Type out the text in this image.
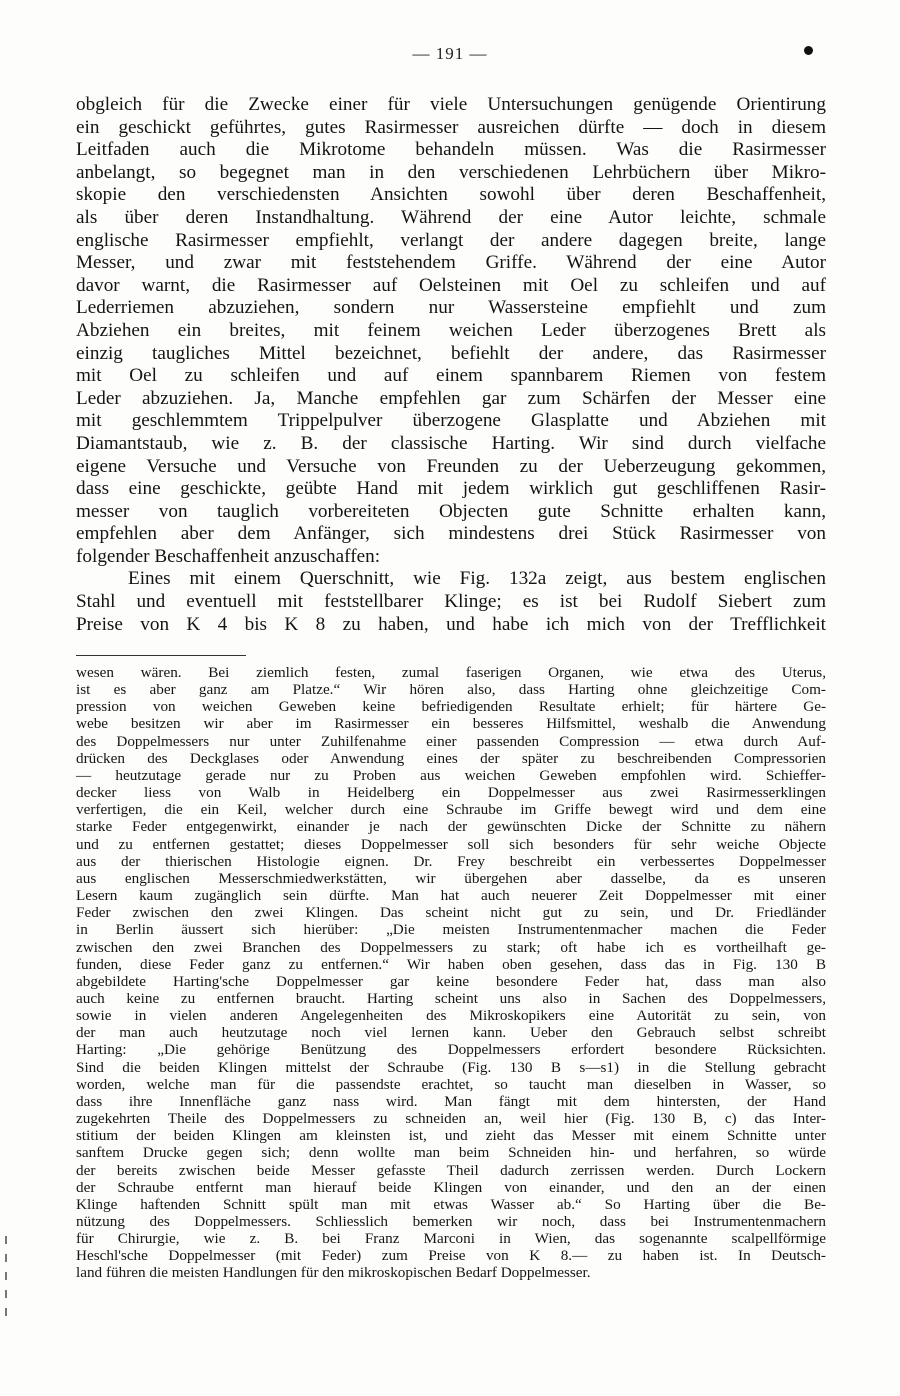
— 191 —
obgleich für die Zwecke einer für viele Untersuchungen genügende Orientirung
ein geschickt geführtes, gutes Rasirmesser ausreichen dürfte — doch in diesem
Leitfaden auch die Mikrotome behandeln müssen. Was die Rasirmesser
anbelangt, so begegnet man in den verschiedenen Lehrbüchern über Mikro-
skopie den verschiedensten Ansichten sowohl über deren Beschaffenheit,
als über deren Instandhaltung. Während der eine Autor leichte, schmale
englische Rasirmesser empfiehlt, verlangt der andere dagegen breite, lange
Messer, und zwar mit feststehendem Griffe. Während der eine Autor
davor warnt, die Rasirmesser auf Oelsteinen mit Oel zu schleifen und auf
Lederriemen abzuziehen, sondern nur Wassersteine empfiehlt und zum
Abziehen ein breites, mit feinem weichen Leder überzogenes Brett als
einzig taugliches Mittel bezeichnet, befiehlt der andere, das Rasirmesser
mit Oel zu schleifen und auf einem spannbarem Riemen von festem
Leder abzuziehen. Ja, Manche empfehlen gar zum Schärfen der Messer eine
mit geschlemmtem Trippelpulver überzogene Glasplatte und Abziehen mit
Diamantstaub, wie z. B. der classische Harting. Wir sind durch vielfache
eigene Versuche und Versuche von Freunden zu der Ueberzeugung gekommen,
dass eine geschickte, geübte Hand mit jedem wirklich gut geschliffenen Rasir-
messer von tauglich vorbereiteten Objecten gute Schnitte erhalten kann,
empfehlen aber dem Anfänger, sich mindestens drei Stück Rasirmesser von
folgender Beschaffenheit anzuschaffen:
Eines mit einem Querschnitt, wie Fig. 132a zeigt, aus bestem englischen
Stahl und eventuell mit feststellbarer Klinge; es ist bei Rudolf Siebert zum
Preise von K 4 bis K 8 zu haben, und habe ich mich von der Trefflichkeit
wesen wären. Bei ziemlich festen, zumal faserigen Organen, wie etwa des Uterus,
ist es aber ganz am Platze.“ Wir hören also, dass Harting ohne gleichzeitige Com-
pression von weichen Geweben keine befriedigenden Resultate erhielt; für härtere Ge-
webe besitzen wir aber im Rasirmesser ein besseres Hilfsmittel, weshalb die Anwendung
des Doppelmessers nur unter Zuhilfenahme einer passenden Compression — etwa durch Auf-
drücken des Deckglases oder Anwendung eines der später zu beschreibenden Compressorien
— heutzutage gerade nur zu Proben aus weichen Geweben empfohlen wird. Schieffer-
decker liess von Walb in Heidelberg ein Doppelmesser aus zwei Rasirmesserklingen
verfertigen, die ein Keil, welcher durch eine Schraube im Griffe bewegt wird und dem eine
starke Feder entgegenwirkt, einander je nach der gewünschten Dicke der Schnitte zu nähern
und zu entfernen gestattet; dieses Doppelmesser soll sich besonders für sehr weiche Objecte
aus der thierischen Histologie eignen. Dr. Frey beschreibt ein verbessertes Doppelmesser
aus englischen Messerschmiedwerkstätten, wir übergehen aber dasselbe, da es unseren
Lesern kaum zugänglich sein dürfte. Man hat auch neuerer Zeit Doppelmesser mit einer
Feder zwischen den zwei Klingen. Das scheint nicht gut zu sein, und Dr. Friedländer
in Berlin äussert sich hierüber: „Die meisten Instrumentenmacher machen die Feder
zwischen den zwei Branchen des Doppelmessers zu stark; oft habe ich es vortheilhaft ge-
funden, diese Feder ganz zu entfernen.“ Wir haben oben gesehen, dass das in Fig. 130 B
abgebildete Harting'sche Doppelmesser gar keine besondere Feder hat, dass man also
auch keine zu entfernen braucht. Harting scheint uns also in Sachen des Doppelmessers,
sowie in vielen anderen Angelegenheiten des Mikroskopikers eine Autorität zu sein, von
der man auch heutzutage noch viel lernen kann. Ueber den Gebrauch selbst schreibt
Harting: „Die gehörige Benützung des Doppelmessers erfordert besondere Rücksichten.
Sind die beiden Klingen mittelst der Schraube (Fig. 130 B s—s1) in die Stellung gebracht
worden, welche man für die passendste erachtet, so taucht man dieselben in Wasser, so
dass ihre Innenfläche ganz nass wird. Man fängt mit dem hintersten, der Hand
zugekehrten Theile des Doppelmessers zu schneiden an, weil hier (Fig. 130 B, c) das Inter-
stitium der beiden Klingen am kleinsten ist, und zieht das Messer mit einem Schnitte unter
sanftem Drucke gegen sich; denn wollte man beim Schneiden hin- und herfahren, so würde
der bereits zwischen beide Messer gefasste Theil dadurch zerrissen werden. Durch Lockern
der Schraube entfernt man hierauf beide Klingen von einander, und den an der einen
Klinge haftenden Schnitt spült man mit etwas Wasser ab.“ So Harting über die Be-
nützung des Doppelmessers. Schliesslich bemerken wir noch, dass bei Instrumentenmachern
für Chirurgie, wie z. B. bei Franz Marconi in Wien, das sogenannte scalpellförmige
Heschl'sche Doppelmesser (mit Feder) zum Preise von K 8.— zu haben ist. In Deutsch-
land führen die meisten Handlungen für den mikroskopischen Bedarf Doppelmesser.
